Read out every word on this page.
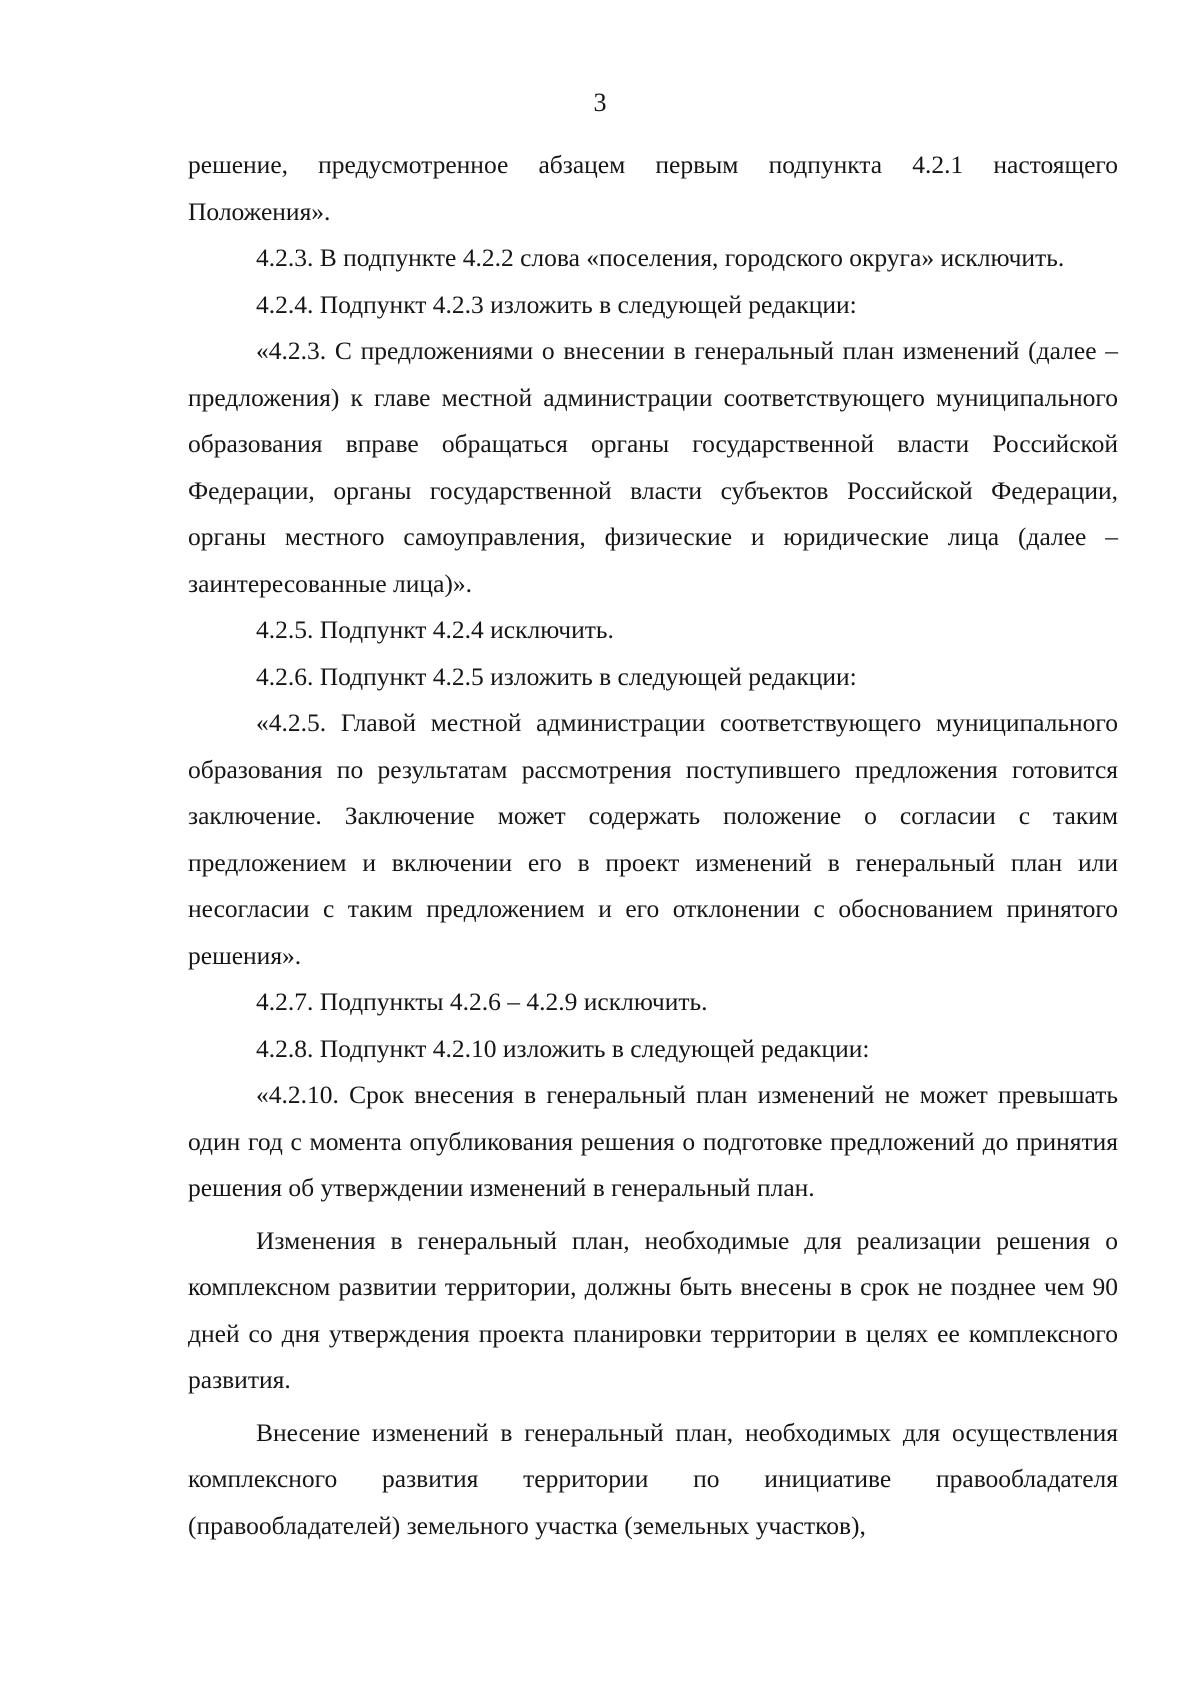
3

решение, предусмотренное абзацем первым подпункта 4.2.1 настоящего Положения».

4.2.3. В подпункте 4.2.2 слова «поселения, городского округа» исключить.

4.2.4. Подпункт 4.2.3 изложить в следующей редакции:

«4.2.3. С предложениями о внесении в генеральный план изменений (далее – предложения) к главе местной администрации соответствующего муниципального образования вправе обращаться органы государственной власти Российской Федерации, органы государственной власти субъектов Российской Федерации, органы местного самоуправления, физические и юридические лица (далее – заинтересованные лица)».

4.2.5. Подпункт 4.2.4 исключить.

4.2.6. Подпункт 4.2.5 изложить в следующей редакции:

«4.2.5. Главой местной администрации соответствующего муниципального образования по результатам рассмотрения поступившего предложения готовится заключение. Заключение может содержать положение о согласии с таким предложением и включении его в проект изменений в генеральный план или несогласии с таким предложением и его отклонении с обоснованием принятого решения».

4.2.7. Подпункты 4.2.6 – 4.2.9 исключить.

4.2.8. Подпункт 4.2.10 изложить в следующей редакции:

«4.2.10. Срок внесения в генеральный план изменений не может превышать один год с момента опубликования решения о подготовке предложений до принятия решения об утверждении изменений в генеральный план.

Изменения в генеральный план, необходимые для реализации решения о комплексном развитии территории, должны быть внесены в срок не позднее чем 90 дней со дня утверждения проекта планировки территории в целях ее комплексного развития.

Внесение изменений в генеральный план, необходимых для осуществления комплексного развития территории по инициативе правообладателя (правообладателей) земельного участка (земельных участков),
